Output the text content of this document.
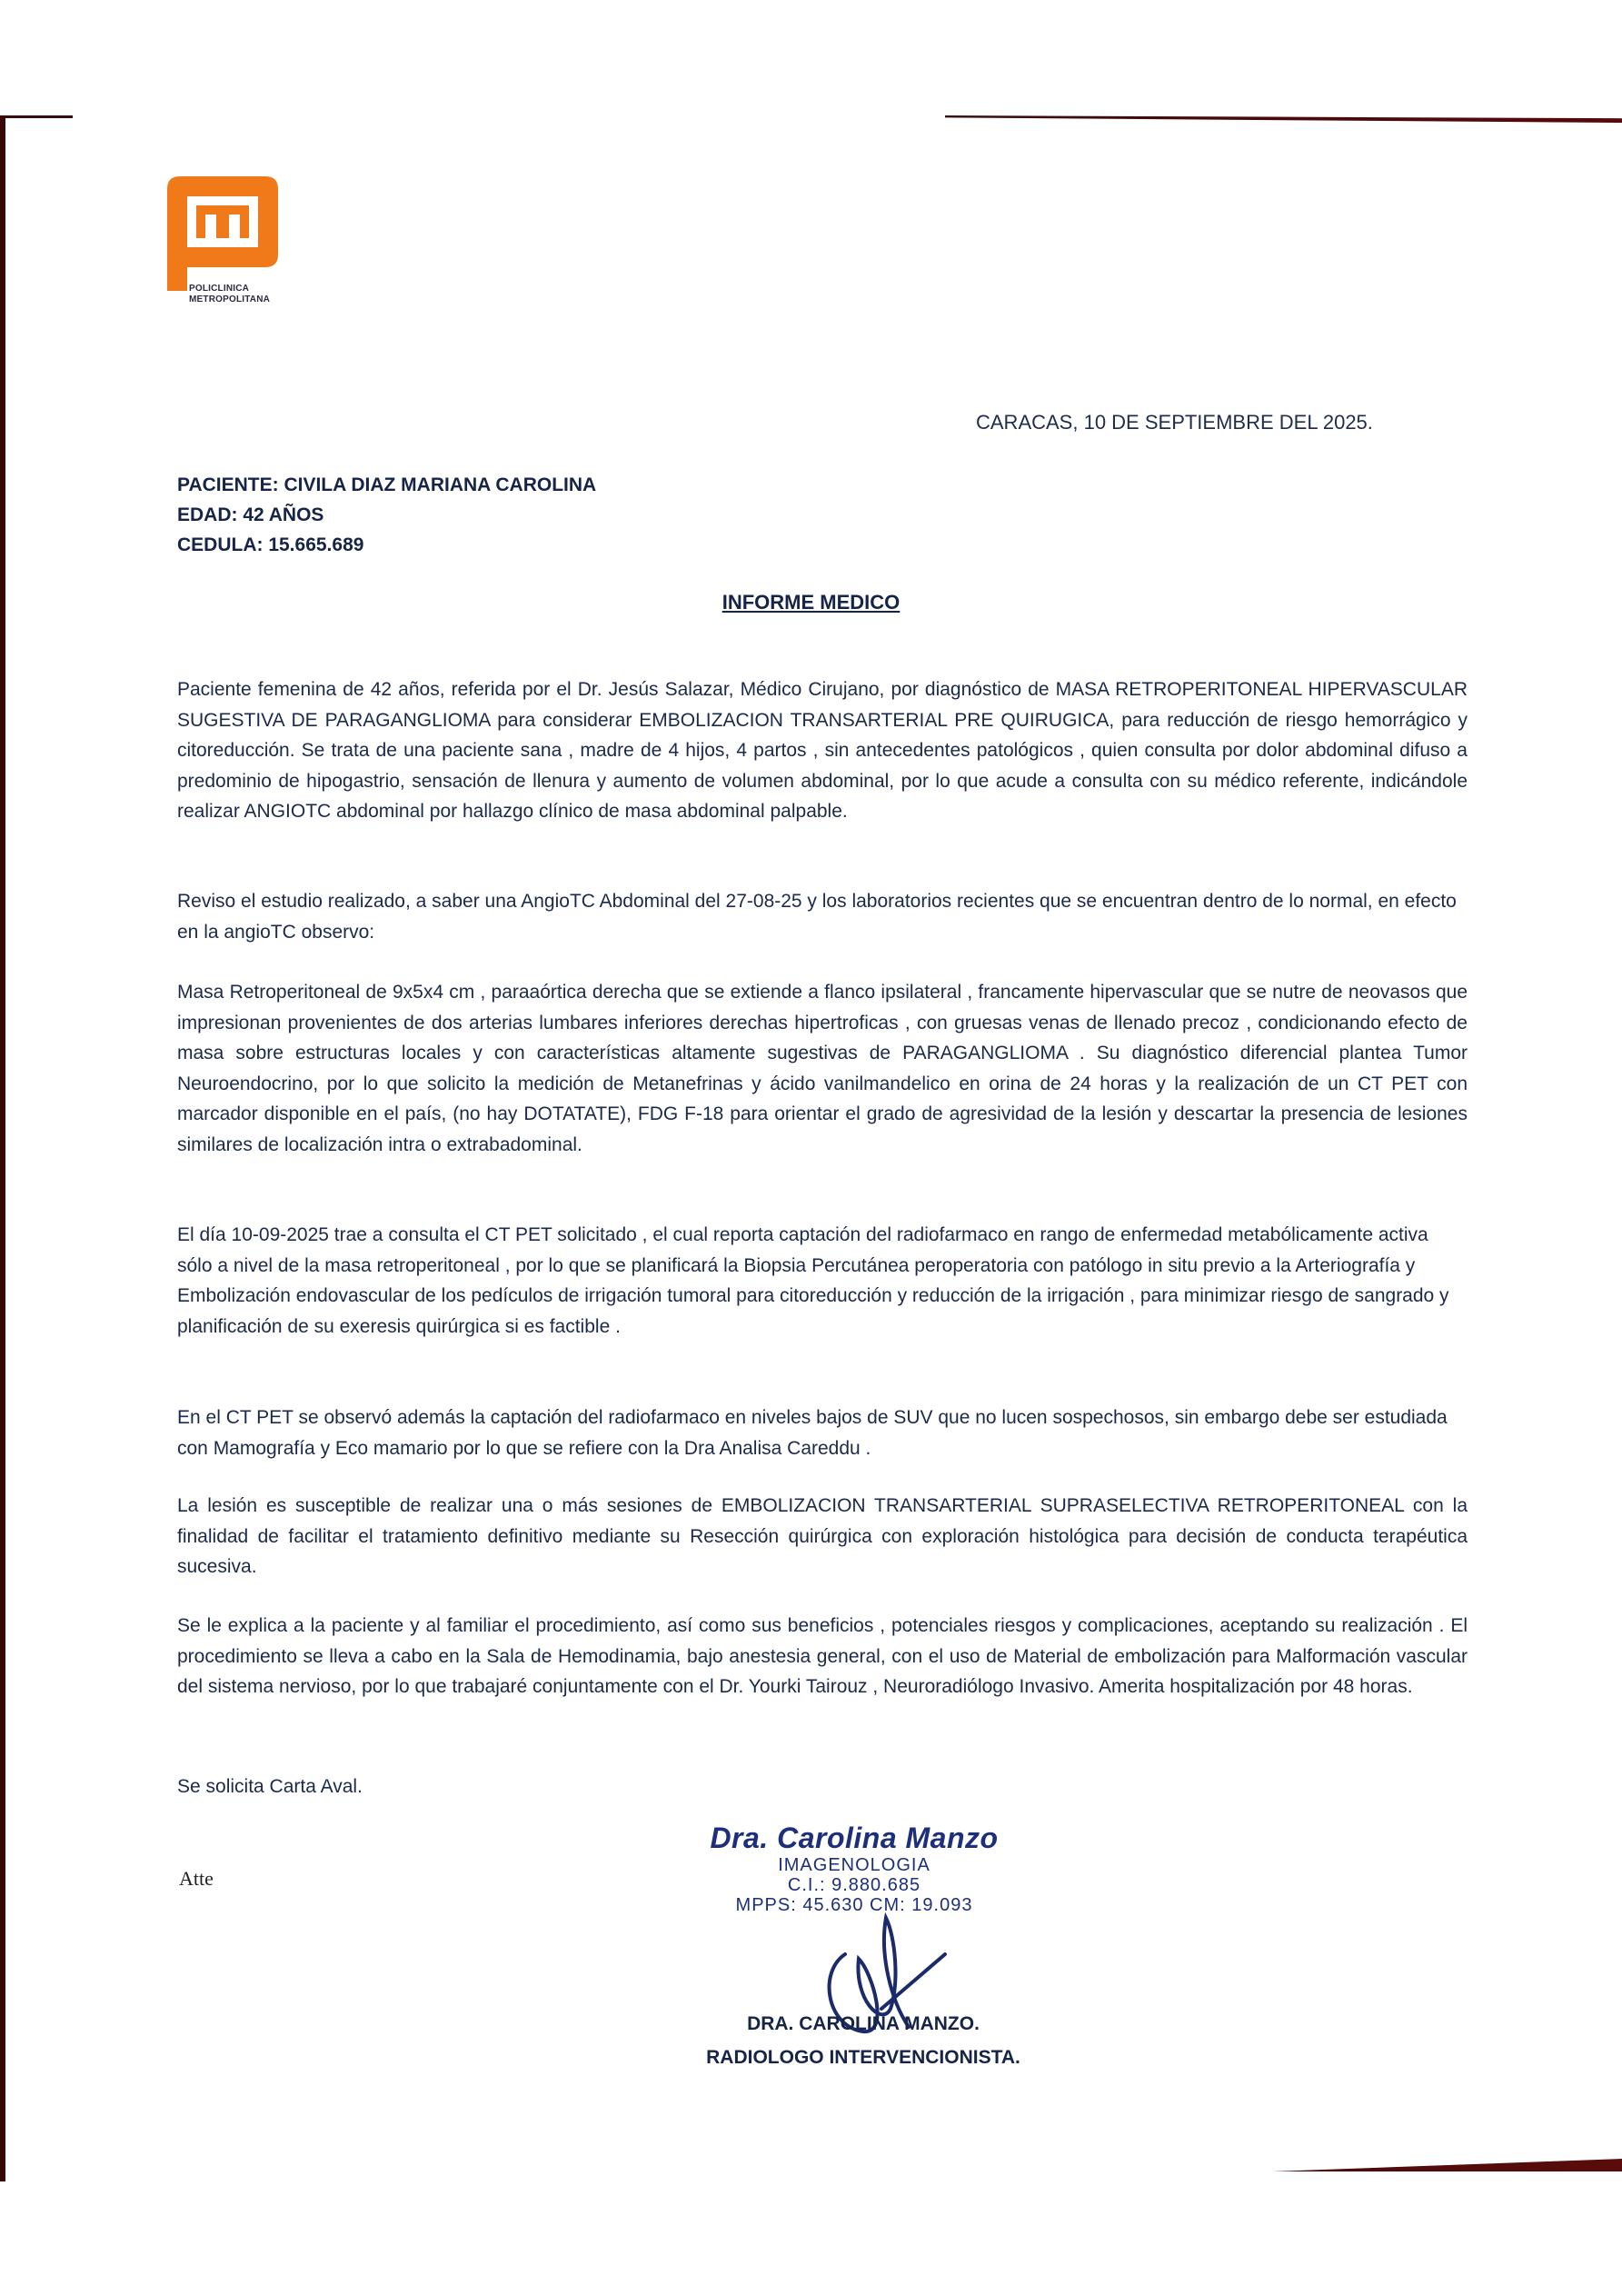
POLICLINICA
METROPOLITANA
CARACAS, 10 DE SEPTIEMBRE DEL 2025.
PACIENTE: CIVILA DIAZ MARIANA CAROLINA
EDAD: 42 AÑOS
CEDULA: 15.665.689
INFORME MEDICO
Paciente femenina de 42 años, referida por el Dr. Jesús Salazar, Médico Cirujano, por diagnóstico de MASA RETROPERITONEAL HIPERVASCULAR SUGESTIVA DE PARAGANGLIOMA para considerar EMBOLIZACION TRANSARTERIAL PRE QUIRUGICA, para reducción de riesgo hemorrágico y citoreducción. Se trata de una paciente sana , madre de 4 hijos, 4 partos , sin antecedentes patológicos , quien consulta por dolor abdominal difuso a predominio de hipogastrio, sensación de llenura y aumento de volumen abdominal, por lo que acude a consulta con su médico referente, indicándole realizar ANGIOTC abdominal por hallazgo clínico de masa abdominal palpable.
Reviso el estudio realizado, a saber una AngioTC Abdominal del 27-08-25 y los laboratorios recientes que se encuentran dentro de lo normal, en efecto en la angioTC observo:
Masa Retroperitoneal de 9x5x4 cm , paraaórtica derecha que se extiende a flanco ipsilateral , francamente hipervascular que se nutre de neovasos que impresionan provenientes de dos arterias lumbares inferiores derechas hipertroficas , con gruesas venas de llenado precoz , condicionando efecto de masa sobre estructuras locales y con características altamente sugestivas de PARAGANGLIOMA . Su diagnóstico diferencial plantea Tumor Neuroendocrino, por lo que solicito la medición de Metanefrinas y ácido vanilmandelico en orina de 24 horas y la realización de un CT PET con marcador disponible en el país, (no hay DOTATATE), FDG F-18 para orientar el grado de agresividad de la lesión y descartar la presencia de lesiones similares de localización intra o extrabadominal.
El día 10-09-2025 trae a consulta el CT PET solicitado , el cual reporta captación del radiofarmaco en rango de enfermedad metabólicamente activa sólo a nivel de la masa retroperitoneal , por lo que se planificará la Biopsia Percutánea peroperatoria con patólogo in situ previo a la Arteriografía y Embolización endovascular de los pedículos de irrigación tumoral para citoreducción y reducción de la irrigación , para minimizar riesgo de sangrado y planificación de su exeresis quirúrgica si es factible .
En el CT PET se observó además la captación del radiofarmaco en niveles bajos de SUV que no lucen sospechosos, sin embargo debe ser estudiada con Mamografía y Eco mamario por lo que se refiere con la Dra Analisa Careddu .
La lesión es susceptible de realizar una o más sesiones de EMBOLIZACION TRANSARTERIAL SUPRASELECTIVA RETROPERITONEAL con la finalidad de facilitar el tratamiento definitivo mediante su Resección quirúrgica con exploración histológica para decisión de conducta terapéutica sucesiva.
Se le explica a la paciente y al familiar el procedimiento, así como sus beneficios , potenciales riesgos y complicaciones, aceptando su realización . El procedimiento se lleva a cabo en la Sala de Hemodinamia, bajo anestesia general, con el uso de Material de embolización para Malformación vascular del sistema nervioso, por lo que trabajaré conjuntamente con el Dr. Yourki Tairouz , Neuroradiólogo Invasivo. Amerita hospitalización por 48 horas.
Se solicita Carta Aval.
Atte
Dra. Carolina Manzo
IMAGENOLOGIA
C.I.: 9.880.685
MPPS: 45.630 CM: 19.093
DRA. CAROLINA MANZO.
RADIOLOGO INTERVENCIONISTA.
